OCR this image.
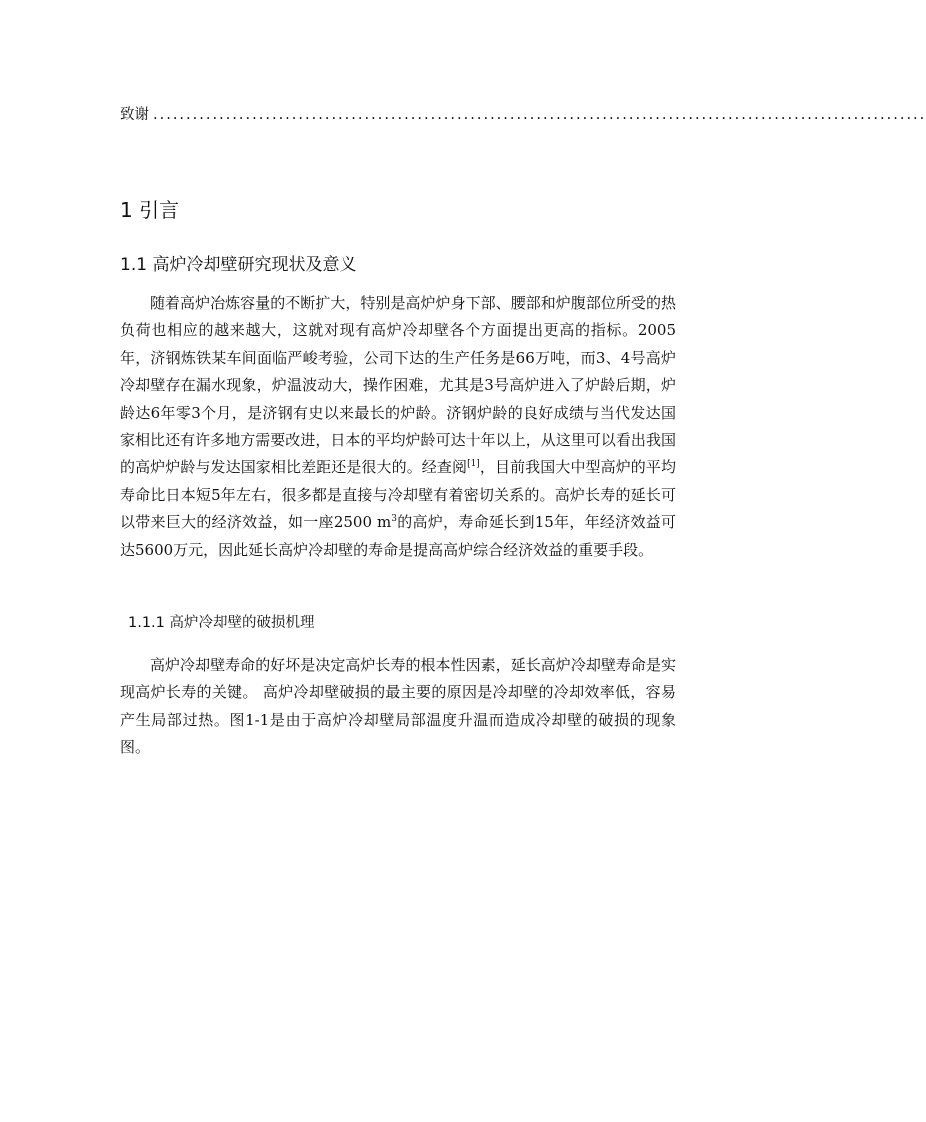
致谢 .....................................................................................................................
1 引言
1.1 高炉冷却壁研究现状及意义

随着高炉冶炼容量的不断扩大，特别是高炉炉身下部、腰部和炉腹部位所受的热负荷也相应的越来越大，这就对现有高炉冷却壁各个方面提出更高的指标。2005年，济钢炼铁某车间面临严峻考验，公司下达的生产任务是66万吨，而3、4号高炉冷却壁存在漏水现象，炉温波动大，操作困难，尤其是3号高炉进入了炉龄后期，炉龄达6年零3个月，是济钢有史以来最长的炉龄。济钢炉龄的良好成绩与当代发达国家相比还有许多地方需要改进，日本的平均炉龄可达十年以上，从这里可以看出我国的高炉炉龄与发达国家相比差距还是很大的。经查阅[1]，目前我国大中型高炉的平均寿命比日本短5年左右，很多都是直接与冷却壁有着密切关系的。高炉长寿的延长可以带来巨大的经济效益，如一座2500 $m^3$的高炉，寿命延长到15年，年经济效益可达5600万元，因此延长高炉冷却壁的寿命是提高高炉综合经济效益的重要手段。

1.1.1 高炉冷却壁的破损机理

高炉冷却壁寿命的好坏是决定高炉长寿的根本性因素，延长高炉冷却壁寿命是实现高炉长寿的关键。 高炉冷却壁破损的最主要的原因是冷却壁的冷却效率低，容易产生局部过热。图1-1是由于高炉冷却壁局部温度升温而造成冷却壁的破损的现象图。
